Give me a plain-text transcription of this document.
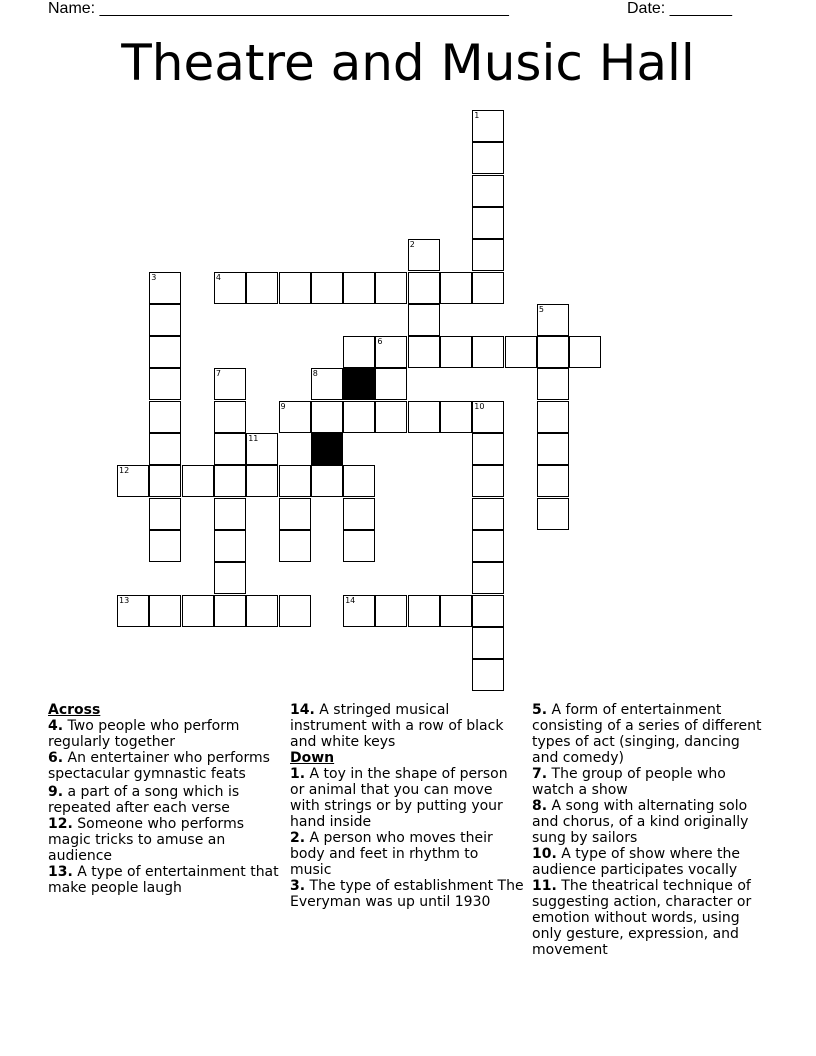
Name: ______________________________________________

	Date: _______

Theatre and Music Hall
1
2
3	4
5
6
7	8
9	10
11
12
13	14
Across
4. Two people who perform regularly together
6. An entertainer who performs spectacular gymnastic feats
9. a part of a song which is repeated after each verse
12. Someone who performs magic tricks to amuse an audience
13. A type of entertainment that make people laugh
14. A stringed musical instrument with a row of black and white keys
Down
1. A toy in the shape of person or animal that you can move with strings or by putting your hand inside
2. A person who moves their body and feet in rhythm to music
3. The type of establishment The Everyman was up until 1930
5. A form of entertainment consisting of a series of different types of act (singing, dancing and comedy)
7. The group of people who watch a show
8. A song with alternating solo and chorus, of a kind originally sung by sailors
10. A type of show where the audience participates vocally
11. The theatrical technique of suggesting action, character or emotion without words, using only gesture, expression, and movement
